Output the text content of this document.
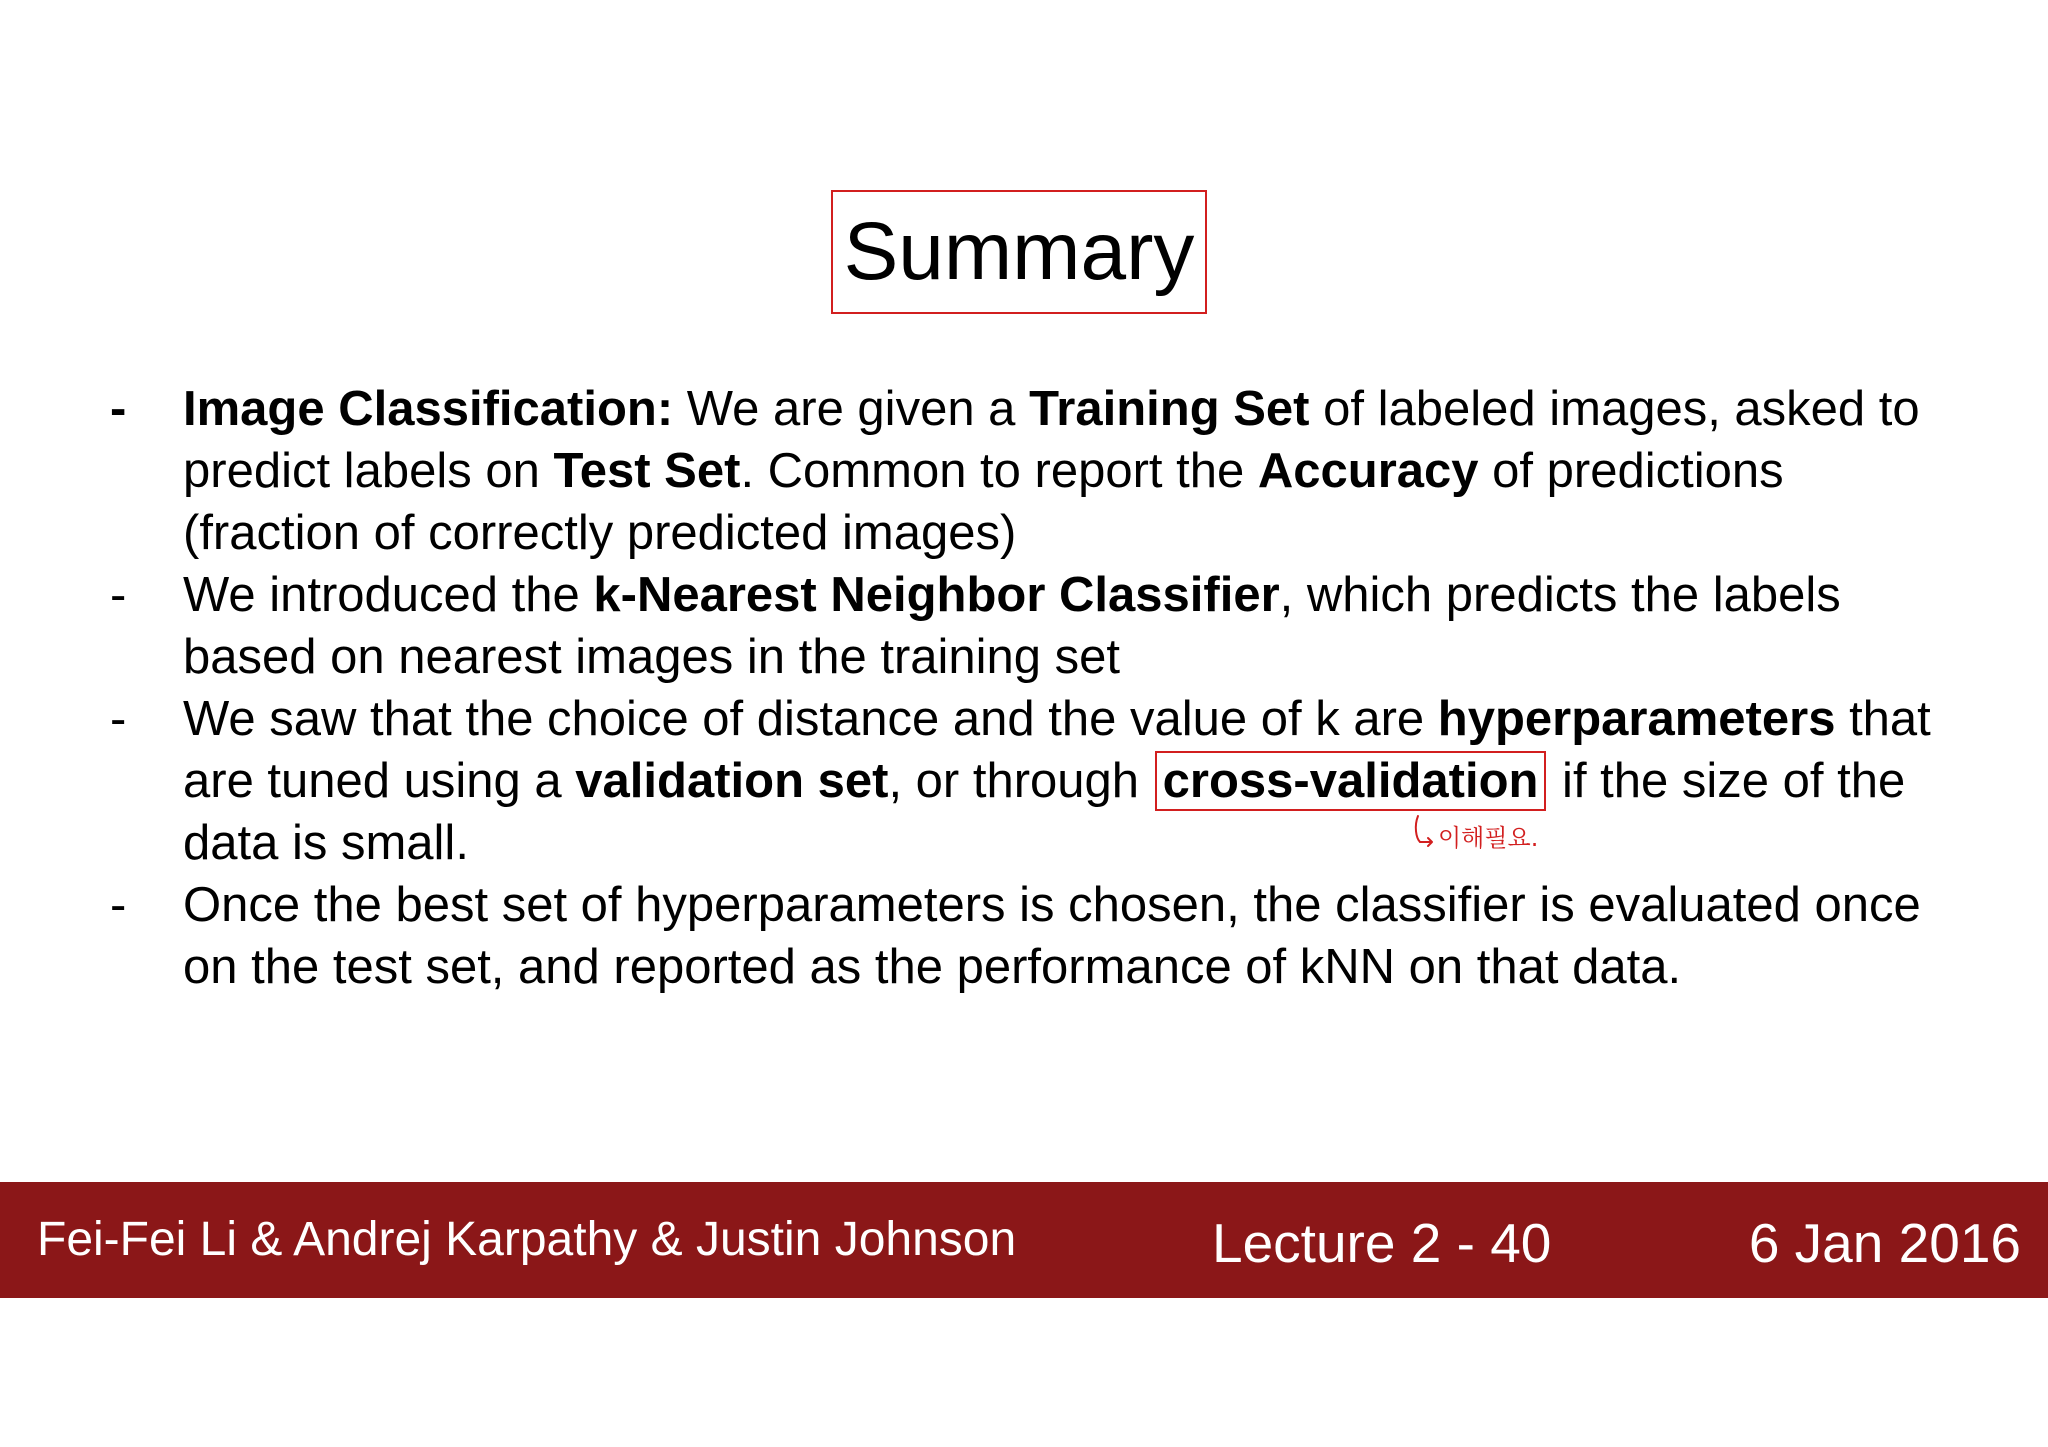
Summary
-	Image Classification: We are given a Training Set of labeled images, asked to predict labels on Test Set. Common to report the Accuracy of predictions (fraction of correctly predicted images)
-	We introduced the k-Nearest Neighbor Classifier, which predicts the labels based on nearest images in the training set
-	We saw that the choice of distance and the value of k are hyperparameters that are tuned using a validation set, or through cross-validation if the size of the data is small.
-	Once the best set of hyperparameters is chosen, the classifier is evaluated once on the test set, and reported as the performance of kNN on that data.
이해필요.
Fei-Fei Li & Andrej Karpathy & Justin Johnson	Lecture 2 - 40	6 Jan 2016
